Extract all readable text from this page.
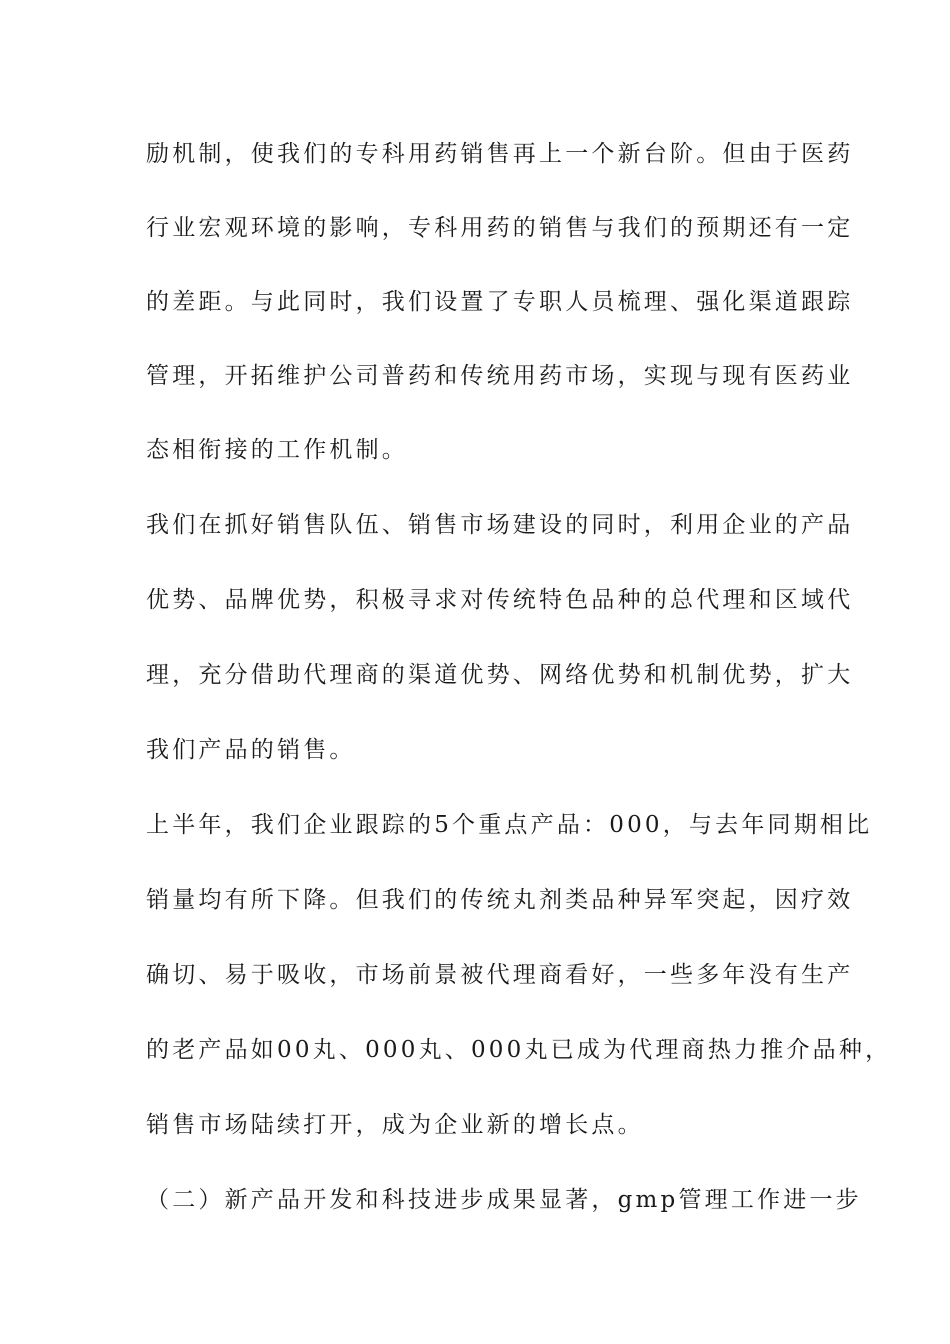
励机制，使我们的专科用药销售再上一个新台阶。但由于医药
行业宏观环境的影响，专科用药的销售与我们的预期还有一定
的差距。与此同时，我们设置了专职人员梳理、强化渠道跟踪
管理，开拓维护公司普药和传统用药市场，实现与现有医药业
态相衔接的工作机制。
我们在抓好销售队伍、销售市场建设的同时，利用企业的产品
优势、品牌优势，积极寻求对传统特色品种的总代理和区域代
理，充分借助代理商的渠道优势、网络优势和机制优势，扩大
我们产品的销售。
上半年，我们企业跟踪的5个重点产品：000，与去年同期相比
销量均有所下降。但我们的传统丸剂类品种异军突起，因疗效
确切、易于吸收，市场前景被代理商看好，一些多年没有生产
的老产品如00丸、000丸、000丸已成为代理商热力推介品种，
销售市场陆续打开，成为企业新的增长点。
（二）新产品开发和科技进步成果显著，gmp管理工作进一步
